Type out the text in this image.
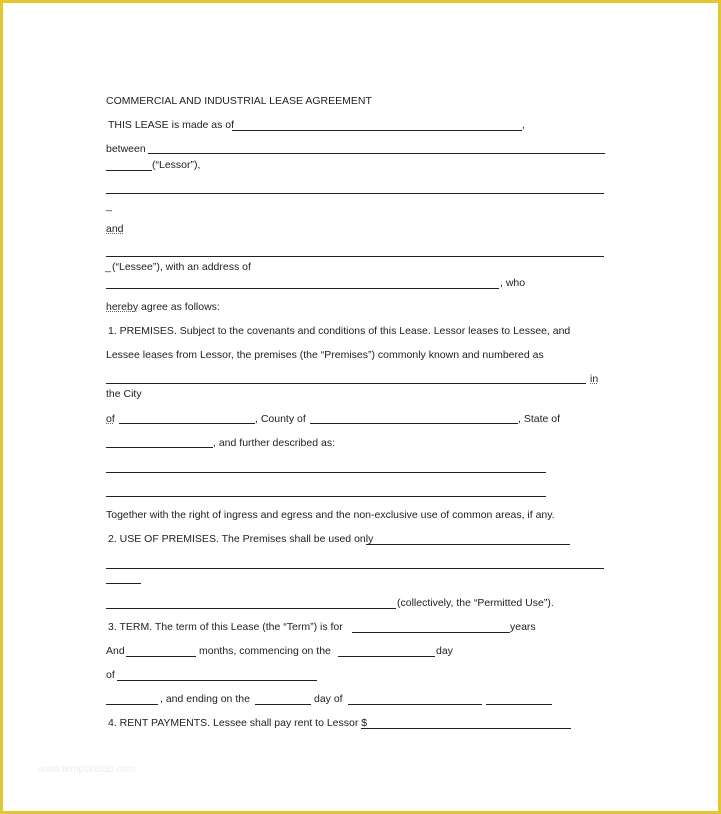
COMMERCIAL AND INDUSTRIAL LEASE AGREEMENT
THIS LEASE is made as of	,
between
(“Lessor”),
_
and
_ (“Lessee”), with an address of
, who
hereby agree as follows:
1. PREMISES. Subject to the covenants and conditions of this Lease. Lessor leases to Lessee, and
Lessee leases from Lessor, the premises (the “Premises”) commonly known and numbered as
in
the City
of	, County of	, State of
, and further described as:
Together with the right of ingress and egress and the non-exclusive use of common areas, if any.
2. USE OF PREMISES. The Premises shall be used only
(collectively, the “Permitted Use”).
3. TERM. The term of this Lease (the “Term”) is for	years
And	months, commencing on the	day
of
, and ending on the	day of
4. RENT PAYMENTS. Lessee shall pay rent to Lessor $
www.templatelab.com
